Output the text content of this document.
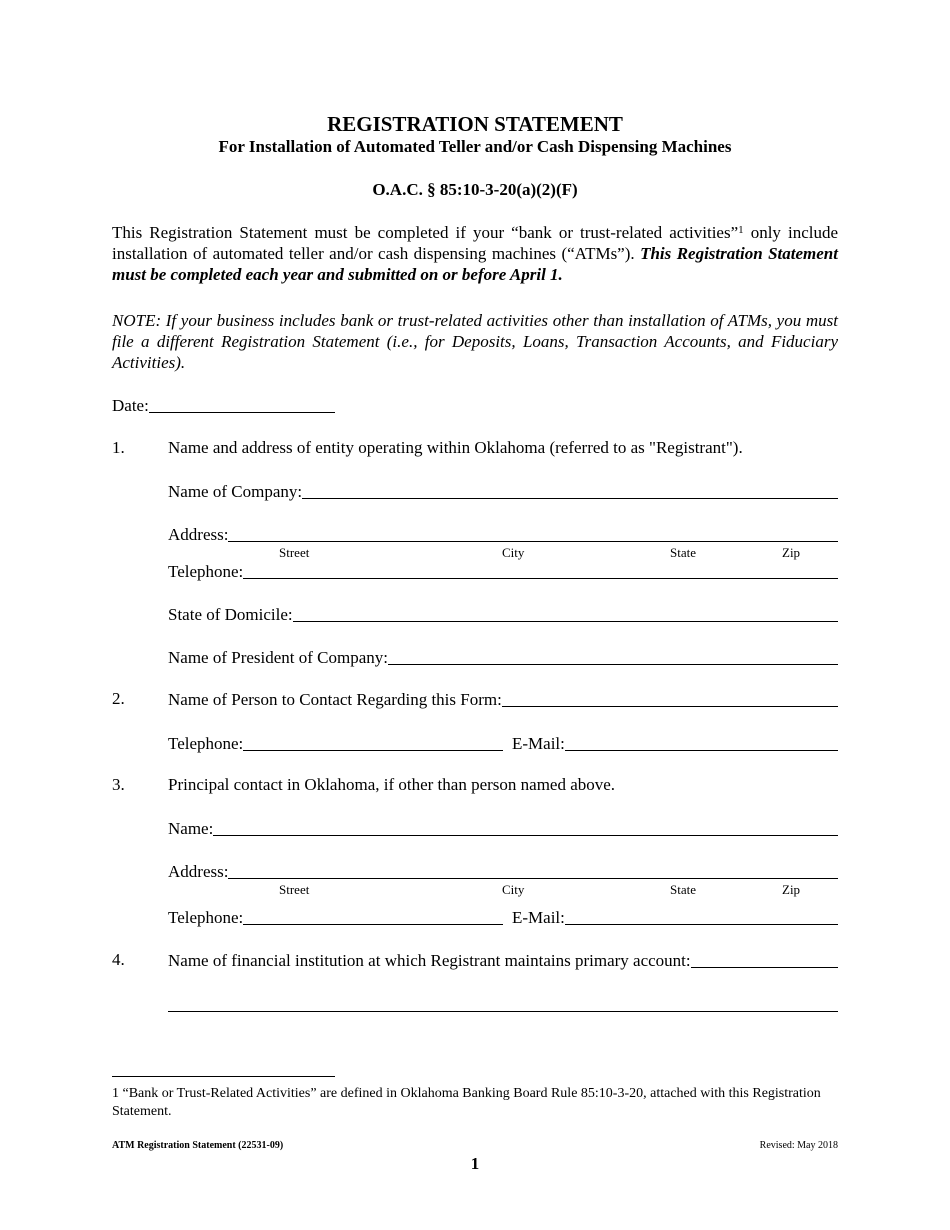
REGISTRATION STATEMENT
For Installation of Automated Teller and/or Cash Dispensing Machines
O.A.C. § 85:10-3-20(a)(2)(F)
This Registration Statement must be completed if your “bank or trust-related activities”$^1$ only include installation of automated teller and/or cash dispensing machines (“ATMs”). This Registration Statement must be completed each year and submitted on or before April 1.
NOTE: If your business includes bank or trust-related activities other than installation of ATMs, you must file a different Registration Statement (i.e., for Deposits, Loans, Transaction Accounts, and Fiduciary Activities).
Date:
1.	Name and address of entity operating within Oklahoma (referred to as "Registrant").
Name of Company:
Address:
Street	City	State	Zip
Telephone:
State of Domicile:
Name of President of Company:
2.	Name of Person to Contact Regarding this Form:
Telephone:	E-Mail:
3.	Principal contact in Oklahoma, if other than person named above.
Name:
Address:
Street	City	State	Zip
Telephone:	E-Mail:
4.	Name of financial institution at which Registrant maintains primary account:
1 “Bank or Trust-Related Activities” are defined in Oklahoma Banking Board Rule 85:10-3-20, attached with this Registration Statement.
ATM Registration Statement (22531-09)	Revised: May 2018
1
